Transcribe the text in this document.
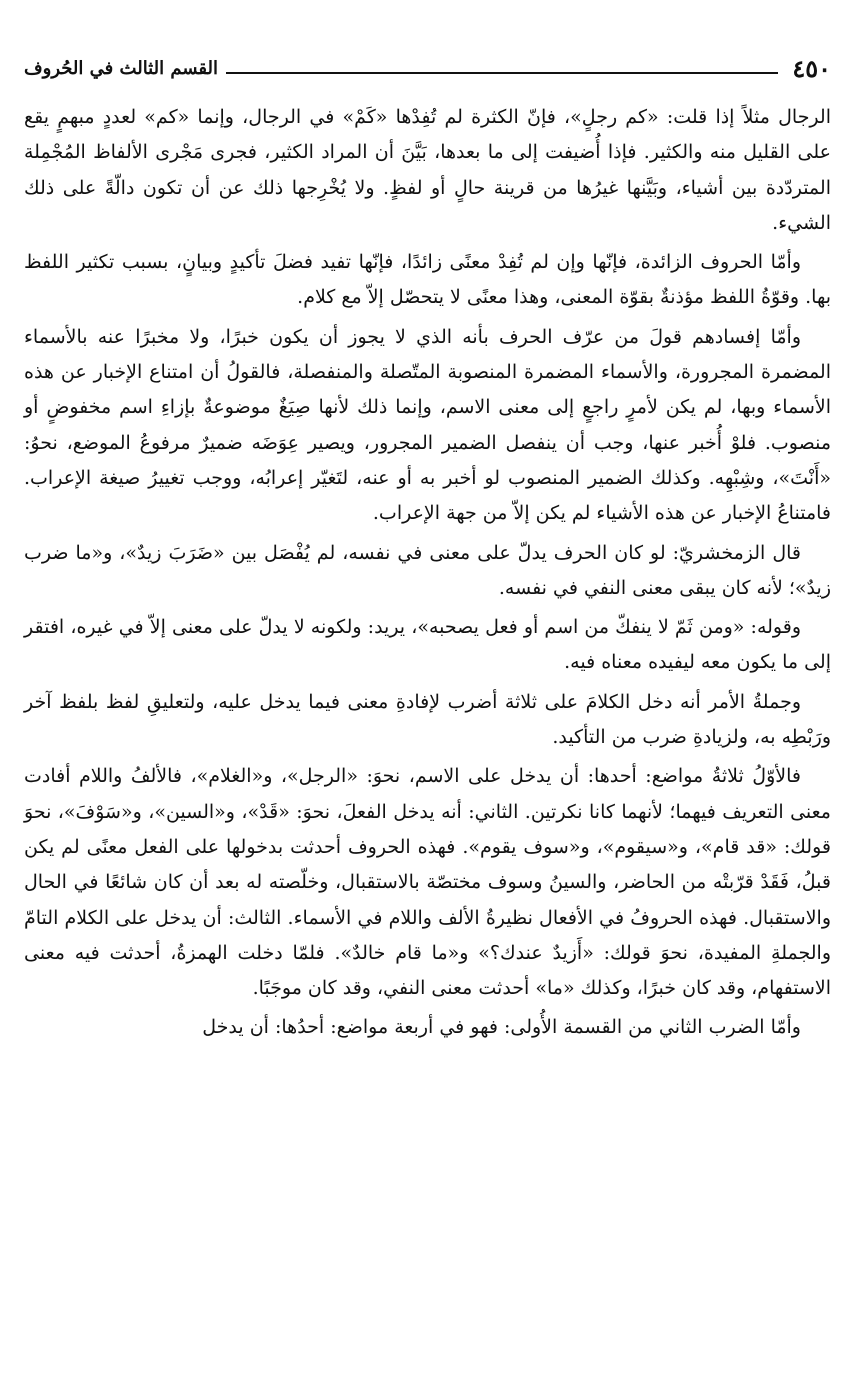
٤٥٠
القسم الثالث في الحُروف

الرجال مثلاً إذا قلت: «كم رجلٍ»، فإنّ الكثرة لم تُفِدْها «كَمْ» في الرجال، وإنما «كم» لعددٍ مبهمٍ يقع على القليل منه والكثير. فإذا أُضيفت إلى ما بعدها، بَيَّنَ أن المراد الكثير، فجرى مَجْرى الألفاظ المُجْمِلة المتردّدة بين أشياء، وبَيَّنها غيرُها من قرينة حالٍ أو لفظٍ. ولا يُخْرِجها ذلك عن أن تكون دالّةً على ذلك الشيء.

وأمّا الحروف الزائدة، فإنّها وإن لم تُفِدْ معنًى زائدًا، فإنّها تفيد فضلَ تأكيدٍ وبيانٍ، بسبب تكثير اللفظ بها. وقوّةُ اللفظ مؤذنةٌ بقوّة المعنى، وهذا معنًى لا يتحصّل إلاّ مع كلام.

وأمّا إفسادهم قولَ من عرّف الحرف بأنه الذي لا يجوز أن يكون خبرًا، ولا مخبرًا عنه بالأسماء المضمرة المجرورة، والأسماء المضمرة المنصوبة المتّصلة والمنفصلة، فالقولُ أن امتناع الإخبار عن هذه الأسماء وبها، لم يكن لأمرٍ راجعٍ إلى معنى الاسم، وإنما ذلك لأنها صِيَغٌ موضوعةٌ بإزاءِ اسم مخفوضٍ أو منصوب. فلوْ أُخبر عنها، وجب أن ينفصل الضمير المجرور، ويصير عِوَضَه ضميرٌ مرفوعُ الموضع، نحوُ: «أَنْتَ»، وشِبْهِه. وكذلك الضمير المنصوب لو أخبر به أو عنه، لتَغيّر إعرابُه، ووجب تغييرُ صيغة الإعراب. فامتناعُ الإخبار عن هذه الأشياء لم يكن إلاّ من جهة الإعراب.

قال الزمخشريّ: لو كان الحرف يدلّ على معنى في نفسه، لم يُفْصَل بين «ضَرَبَ زيدٌ»، و«ما ضرب زيدٌ»؛ لأنه كان يبقى معنى النفي في نفسه.

وقوله: «ومن ثَمّ لا ينفكّ من اسم أو فعل يصحبه»، يريد: ولكونه لا يدلّ على معنى إلاّ في غيره، افتقر إلى ما يكون معه ليفيده معناه فيه.

وجملةُ الأمر أنه دخل الكلامَ على ثلاثة أضرب لإفادةِ معنى فيما يدخل عليه، ولتعليقِ لفظ بلفظ آخر ورَبْطِه به، ولزيادةِ ضرب من التأكيد.

فالأوّلُ ثلاثةُ مواضع: أحدها: أن يدخل على الاسم، نحوَ: «الرجل»، و«الغلام»، فالألفُ واللام أفادت معنى التعريف فيهما؛ لأنهما كانا نكرتين. الثاني: أنه يدخل الفعلَ، نحوَ: «قَدْ»، و«السين»، و«سَوْفَ»، نحوَ قولك: «قد قام»، و«سيقوم»، و«سوف يقوم». فهذه الحروف أحدثت بدخولها على الفعل معنًى لم يكن قبلُ، فَقَدْ قرّبتْه من الحاضر، والسينُ وسوف مختصّة بالاستقبال، وخلّصته له بعد أن كان شائعًا في الحال والاستقبال. فهذه الحروفُ في الأفعال نظيرةُ الألف واللام في الأسماء. الثالث: أن يدخل على الكلام التامّ والجملةِ المفيدة، نحوَ قولك: «أَزيدٌ عندك؟» و«ما قام خالدٌ». فلمّا دخلت الهمزةُ، أحدثت فيه معنى الاستفهام، وقد كان خبرًا، وكذلك «ما» أحدثت معنى النفي، وقد كان موجَبًا.

وأمّا الضرب الثاني من القسمة الأُولى: فهو في أربعة مواضع: أحدُها: أن يدخل
